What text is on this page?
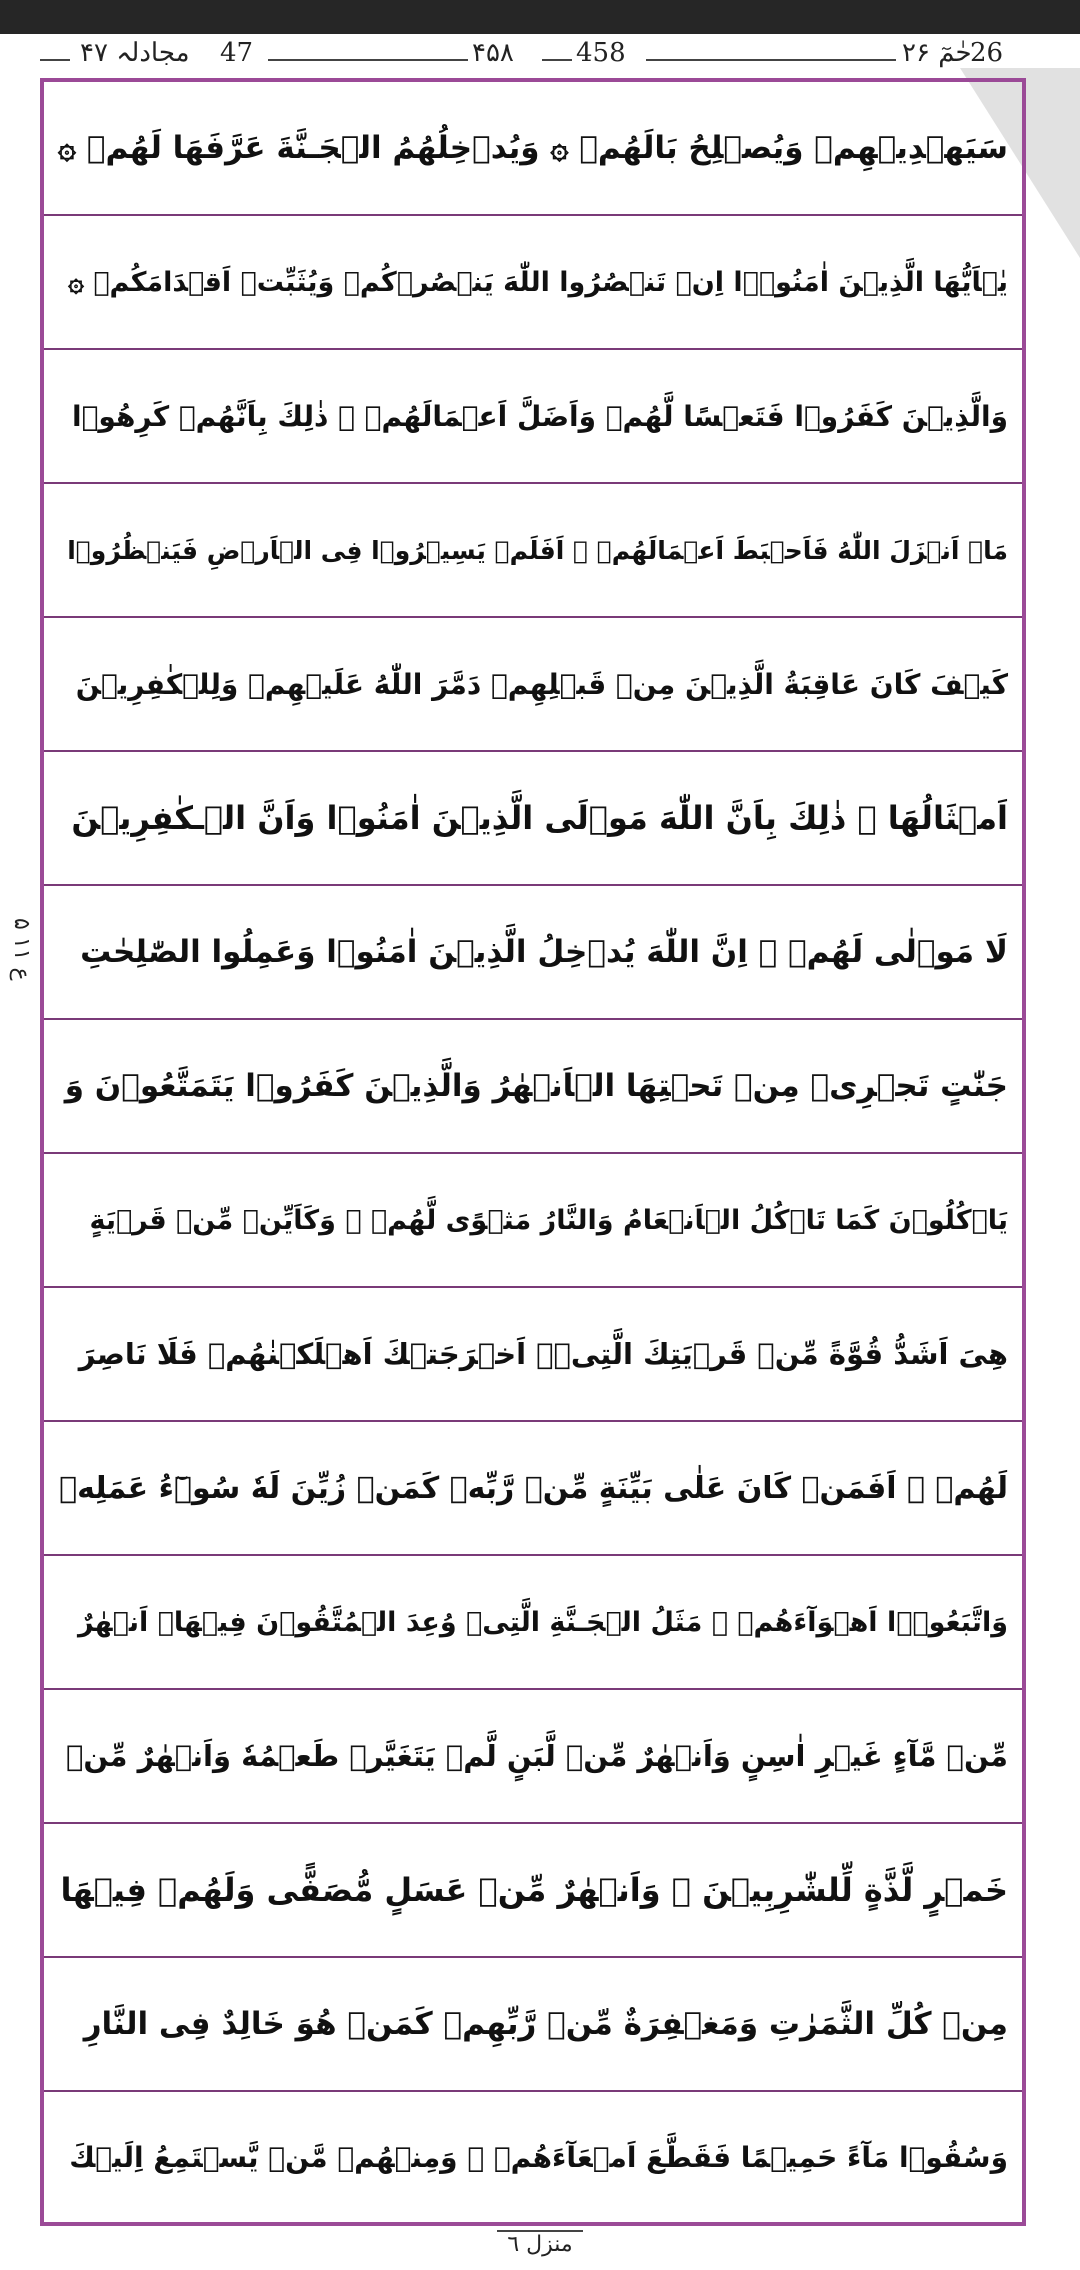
مجادلہ ۴۷ 47	۴۵۸ 458	حٰمٓ ۲۶
26
سَيَهۡدِيۡهِمۡ وَيُصۡلِحُ بَالَهُمۡ ۞ وَيُدۡخِلُهُمُ الۡجَـنَّةَ عَرَّفَهَا لَهُمۡ ۞
يٰۤاَيُّهَا الَّذِيۡنَ اٰمَنُوۡۤا اِنۡ تَنۡصُرُوا اللّٰهَ يَنۡصُرۡكُمۡ وَيُثَبِّتۡ اَقۡدَامَكُمۡ ۞
وَالَّذِيۡنَ كَفَرُوۡا فَتَعۡسًا لَّهُمۡ وَاَضَلَّ اَعۡمَالَهُمۡ ۞ ذٰلِكَ بِاَنَّهُمۡ كَرِهُوۡا
مَاۤ اَنۡزَلَ اللّٰهُ فَاَحۡبَطَ اَعۡمَالَهُمۡ ۞ اَفَلَمۡ يَسِيۡرُوۡا فِى الۡاَرۡضِ فَيَنۡظُرُوۡا
كَيۡفَ كَانَ عَاقِبَةُ الَّذِيۡنَ مِنۡ قَبۡلِهِمۡ دَمَّرَ اللّٰهُ عَلَيۡهِمۡ وَلِلۡكٰفِرِيۡنَ
اَمۡثَالُهَا ۞ ذٰلِكَ بِاَنَّ اللّٰهَ مَوۡلَى الَّذِيۡنَ اٰمَنُوۡا وَاَنَّ الۡـكٰفِرِيۡنَ
لَا مَوۡلٰى لَهُمۡ ۞ اِنَّ اللّٰهَ يُدۡخِلُ الَّذِيۡنَ اٰمَنُوۡا وَعَمِلُوا الصّٰلِحٰتِ
جَنّٰتٍ تَجۡرِىۡ مِنۡ تَحۡتِهَا الۡاَنۡهٰرُ وَالَّذِيۡنَ كَفَرُوۡا يَتَمَتَّعُوۡنَ وَ
يَاۡكُلُوۡنَ كَمَا تَاۡكُلُ الۡاَنۡعَامُ وَالنَّارُ مَثۡوًى لَّهُمۡ ۞ وَكَاَيِّنۡ مِّنۡ قَرۡيَةٍ
هِىَ اَشَدُّ قُوَّةً مِّنۡ قَرۡيَتِكَ الَّتِىۡۤ اَخۡرَجَتۡكَ اَهۡلَكۡنٰهُمۡ فَلَا نَاصِرَ
لَهُمۡ ۞ اَفَمَنۡ كَانَ عَلٰى بَيِّنَةٍ مِّنۡ رَّبِّهٖ كَمَنۡ زُيِّنَ لَهٗ سُوۡٓءُ عَمَلِهٖ
وَاتَّبَعُوۡۤا اَهۡوَآءَهُمۡ ۞ مَثَلُ الۡجَـنَّةِ الَّتِىۡ وُعِدَ الۡمُتَّقُوۡنَ فِيۡهَاۤ اَنۡهٰرٌ
مِّنۡ مَّآءٍ غَيۡرِ اٰسِنٍ وَاَنۡهٰرٌ مِّنۡ لَّبَنٍ لَّمۡ يَتَغَيَّرۡ طَعۡمُهٗ وَاَنۡهٰرٌ مِّنۡ
خَمۡرٍ لَّذَّةٍ لِّلشّٰرِبِيۡنَ ۚ وَاَنۡهٰرٌ مِّنۡ عَسَلٍ مُّصَفًّى وَلَهُمۡ فِيۡهَا
مِنۡ كُلِّ الثَّمَرٰتِ وَمَغۡفِرَةٌ مِّنۡ رَّبِّهِمۡ كَمَنۡ هُوَ خَالِدٌ فِى النَّارِ
وَسُقُوۡا مَآءً حَمِيۡمًا فَقَطَّعَ اَمۡعَآءَهُمۡ ۞ وَمِنۡهُمۡ مَّنۡ يَّسۡتَمِعُ اِلَيۡكَ
ع ١١ ۵
منزل ٦
